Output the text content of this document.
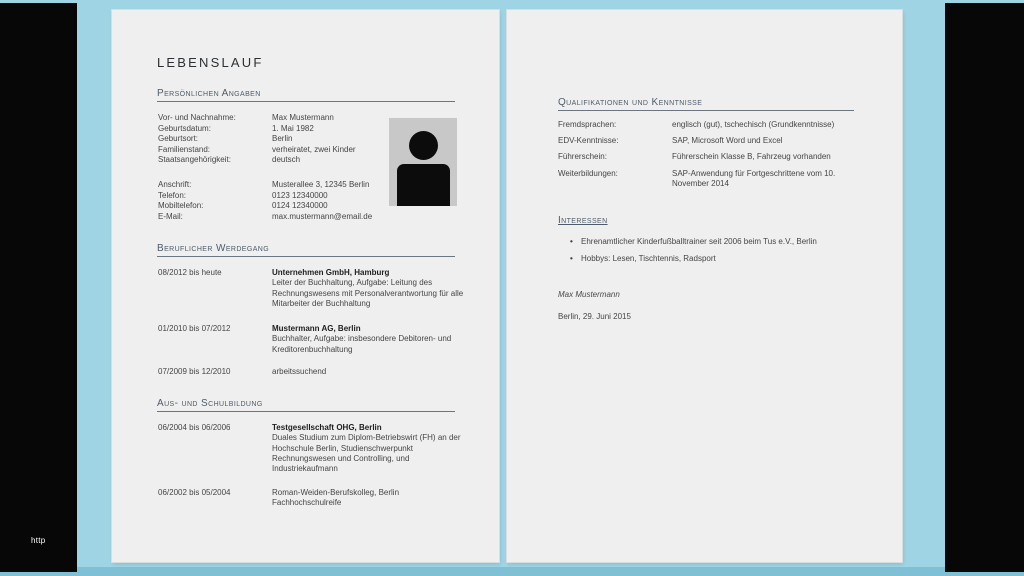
http
LEBENSLAUF
Persönlichen Angaben
Vor- und Nachnahme:	Max Mustermann
Geburtsdatum:	1. Mai 1982
Geburtsort:	Berlin
Familienstand:	verheiratet, zwei Kinder
Staatsangehörigkeit:	deutsch
Anschrift:	Musterallee 3, 12345 Berlin
Telefon:	0123 12340000
Mobiltelefon:	0124 12340000
E-Mail:	max.mustermann@email.de
Beruflicher Werdegang
08/2012 bis heute	Unternehmen GmbH, Hamburg
Leiter der Buchhaltung, Aufgabe: Leitung des Rechnungswesens mit Personalverantwortung für alle Mitarbeiter der Buchhaltung
01/2010 bis 07/2012	Mustermann AG, Berlin
Buchhalter, Aufgabe: insbesondere Debitoren- und Kreditorenbuchhaltung
07/2009 bis 12/2010	arbeitssuchend
Aus- und Schulbildung
06/2004 bis 06/2006	Testgesellschaft OHG, Berlin
Duales Studium zum Diplom-Betriebswirt (FH) an der Hochschule Berlin, Studienschwerpunkt Rechnungswesen und Controlling, und Industriekaufmann
06/2002 bis 05/2004	Roman-Weiden-Berufskolleg, Berlin
Fachhochschulreife
Qualifikationen und Kenntnisse
Fremdsprachen:	englisch (gut), tschechisch (Grundkenntnisse)
EDV-Kenntnisse:	SAP, Microsoft Word und Excel
Führerschein:	Führerschein Klasse B, Fahrzeug vorhanden
Weiterbildungen:	SAP-Anwendung für Fortgeschrittene vom 10. November 2014
Interessen
•	Ehrenamtlicher Kinderfußballtrainer seit 2006 beim Tus e.V., Berlin
•	Hobbys: Lesen, Tischtennis, Radsport
Max Mustermann
Berlin, 29. Juni 2015
